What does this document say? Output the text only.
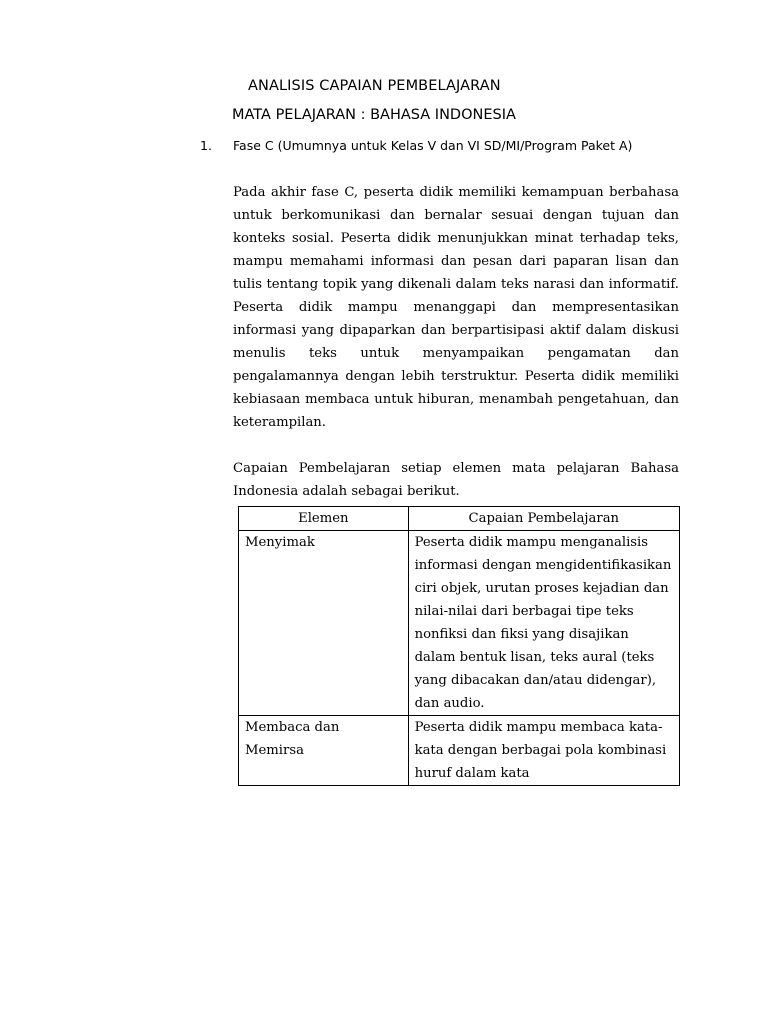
ANALISIS CAPAIAN PEMBELAJARAN
MATA PELAJARAN : BAHASA INDONESIA
1. Fase C (Umumnya untuk Kelas V dan VI SD/MI/Program Paket A)
Pada akhir fase C, peserta didik memiliki kemampuan berbahasa untuk berkomunikasi dan bernalar sesuai dengan tujuan dan konteks sosial. Peserta didik menunjukkan minat terhadap teks, mampu memahami informasi dan pesan dari paparan lisan dan tulis tentang topik yang dikenali dalam teks narasi dan informatif. Peserta didik mampu menanggapi dan mempresentasikan informasi yang dipaparkan dan berpartisipasi aktif dalam diskusi menulis teks untuk menyampaikan pengamatan dan pengalamannya dengan lebih terstruktur. Peserta didik memiliki kebiasaan membaca untuk hiburan, menambah pengetahuan, dan keterampilan.
Capaian Pembelajaran setiap elemen mata pelajaran Bahasa Indonesia adalah sebagai berikut.
Elemen	Capaian Pembelajaran
Menyimak	Peserta didik mampu menganalisis informasi dengan mengidentifikasikan ciri objek, urutan proses kejadian dan nilai-nilai dari berbagai tipe teks nonfiksi dan fiksi yang disajikan dalam bentuk lisan, teks aural (teks yang dibacakan dan/atau didengar), dan audio.
Membaca dan Memirsa	Peserta didik mampu membaca kata-kata dengan berbagai pola kombinasi huruf dalam kata
